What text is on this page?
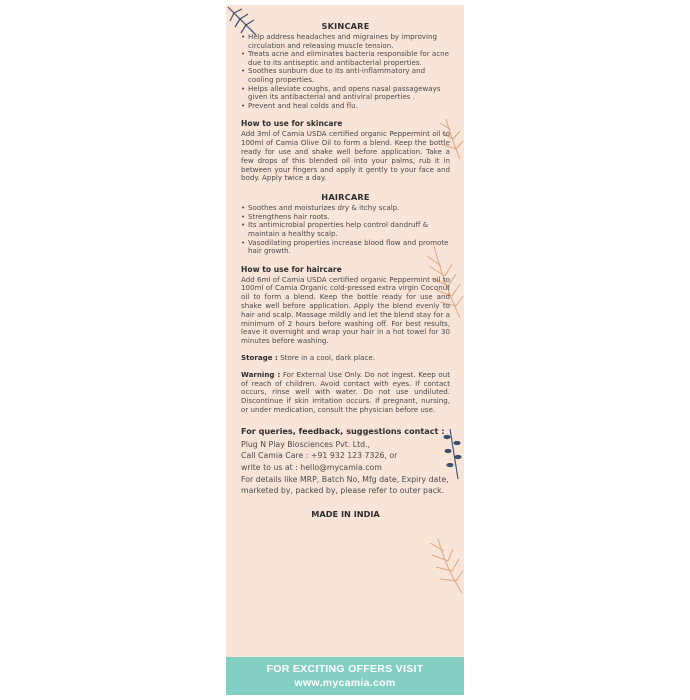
SKINCARE
• Help address headaches and migraines by improving circulation and releasing muscle tension.
• Treats acne and eliminates bacteria responsible for acne due to its antiseptic and antibacterial properties.
• Soothes sunburn due to its anti-inflammatory and cooling properties.
• Helps alleviate coughs, and opens nasal passageways given its antibacterial and antiviral properties .
• Prevent and heal colds and flu.
How to use for skincare

Add 3ml of Camia USDA certified organic Peppermint oil to 100ml of Camia Olive Oil to form a blend. Keep the bottle ready for use and shake well before application. Take a few drops of this blended oil into your palms, rub it in between your fingers and apply it gently to your face and body. Apply twice a day.

HAIRCARE
• Soothes and moisturizes dry & itchy scalp.
• Strengthens hair roots.
• Its antimicrobial properties help control dandruff & maintain a healthy scalp.
• Vasodilating properties increase blood flow and promote hair growth.
How to use for haircare

Add 6ml of Camia USDA certified organic Peppermint oil to 100ml of Camia Organic cold-pressed extra virgin Coconut oil to form a blend. Keep the bottle ready for use and shake well before application. Apply the blend evenly to hair and scalp. Massage mildly and let the blend stay for a minimum of 2 hours before washing off. For best results, leave it overnight and wrap your hair in a hot towel for 30 minutes before washing.

Storage : Store in a cool, dark place.

Warning : For External Use Only. Do not ingest. Keep out of reach of children. Avoid contact with eyes. If contact occurs, rinse well with water. Do not use undiluted. Discontinue if skin irritation occurs. If pregnant, nursing, or under medication, consult the physician before use.

For queries, feedback, suggestions contact :

Plug N Play Biosciences Pvt. Ltd.,

Call Camia Care : +91 932 123 7326, or

write to us at : hello@mycamia.com

For details like MRP, Batch No, Mfg date, Expiry date, marketed by, packed by, please refer to outer pack.

MADE IN INDIA
FOR EXCITING OFFERS VISIT
www.mycamia.com
